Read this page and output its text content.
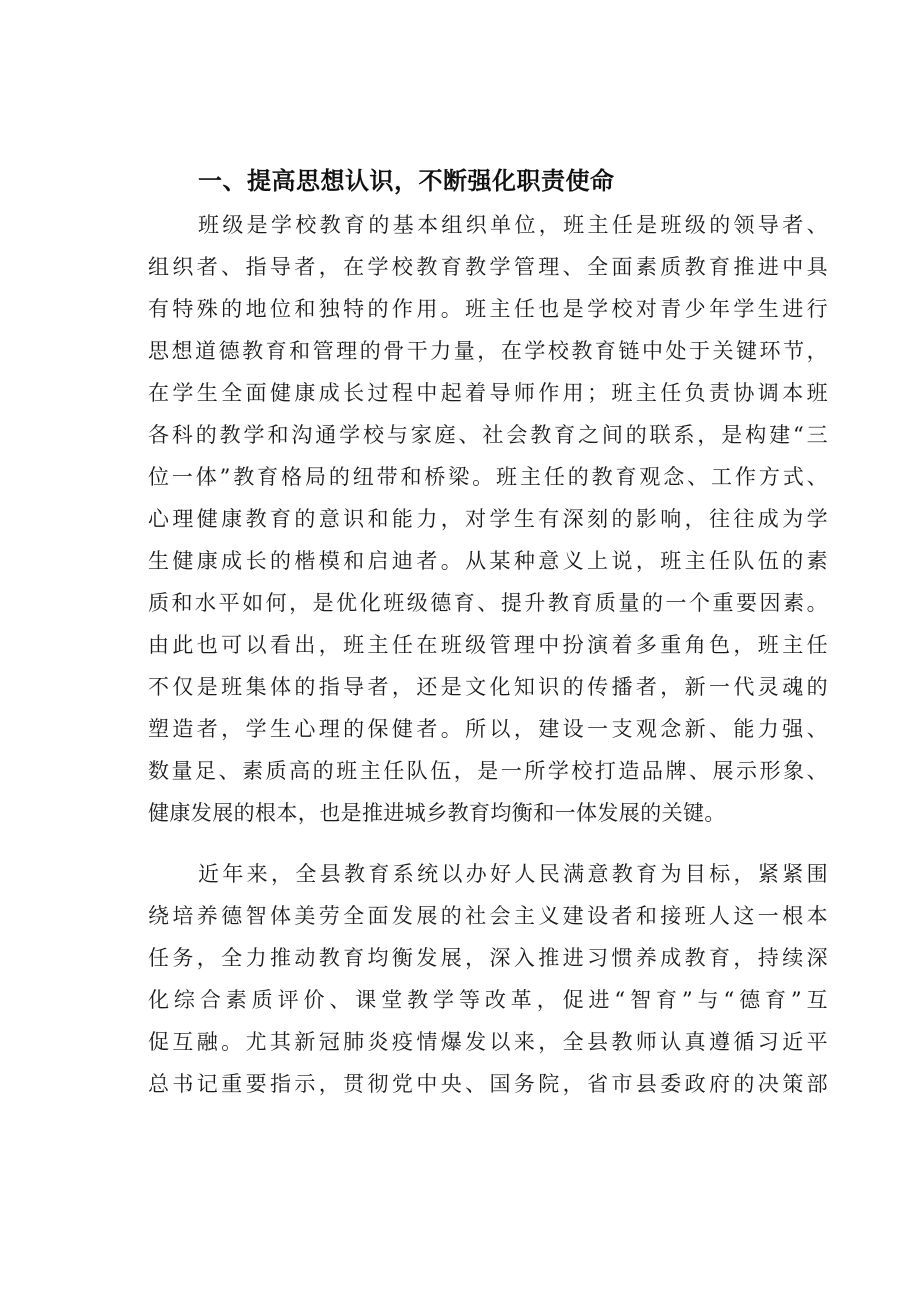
一、提高思想认识，不断强化职责使命
班级是学校教育的基本组织单位，班主任是班级的领导者、
组织者、指导者，在学校教育教学管理、全面素质教育推进中具
有特殊的地位和独特的作用。班主任也是学校对青少年学生进行
思想道德教育和管理的骨干力量，在学校教育链中处于关键环节，
在学生全面健康成长过程中起着导师作用；班主任负责协调本班
各科的教学和沟通学校与家庭、社会教育之间的联系，是构建“三
位一体”教育格局的纽带和桥梁。班主任的教育观念、工作方式、
心理健康教育的意识和能力，对学生有深刻的影响，往往成为学
生健康成长的楷模和启迪者。从某种意义上说，班主任队伍的素
质和水平如何，是优化班级德育、提升教育质量的一个重要因素。
由此也可以看出，班主任在班级管理中扮演着多重角色，班主任
不仅是班集体的指导者，还是文化知识的传播者，新一代灵魂的
塑造者，学生心理的保健者。所以，建设一支观念新、能力强、
数量足、素质高的班主任队伍，是一所学校打造品牌、展示形象、
健康发展的根本，也是推进城乡教育均衡和一体发展的关键。
近年来，全县教育系统以办好人民满意教育为目标，紧紧围
绕培养德智体美劳全面发展的社会主义建设者和接班人这一根本
任务，全力推动教育均衡发展，深入推进习惯养成教育，持续深
化综合素质评价、课堂教学等改革，促进“智育”与“德育”互
促互融。尤其新冠肺炎疫情爆发以来，全县教师认真遵循习近平
总书记重要指示，贯彻党中央、国务院，省市县委政府的决策部
